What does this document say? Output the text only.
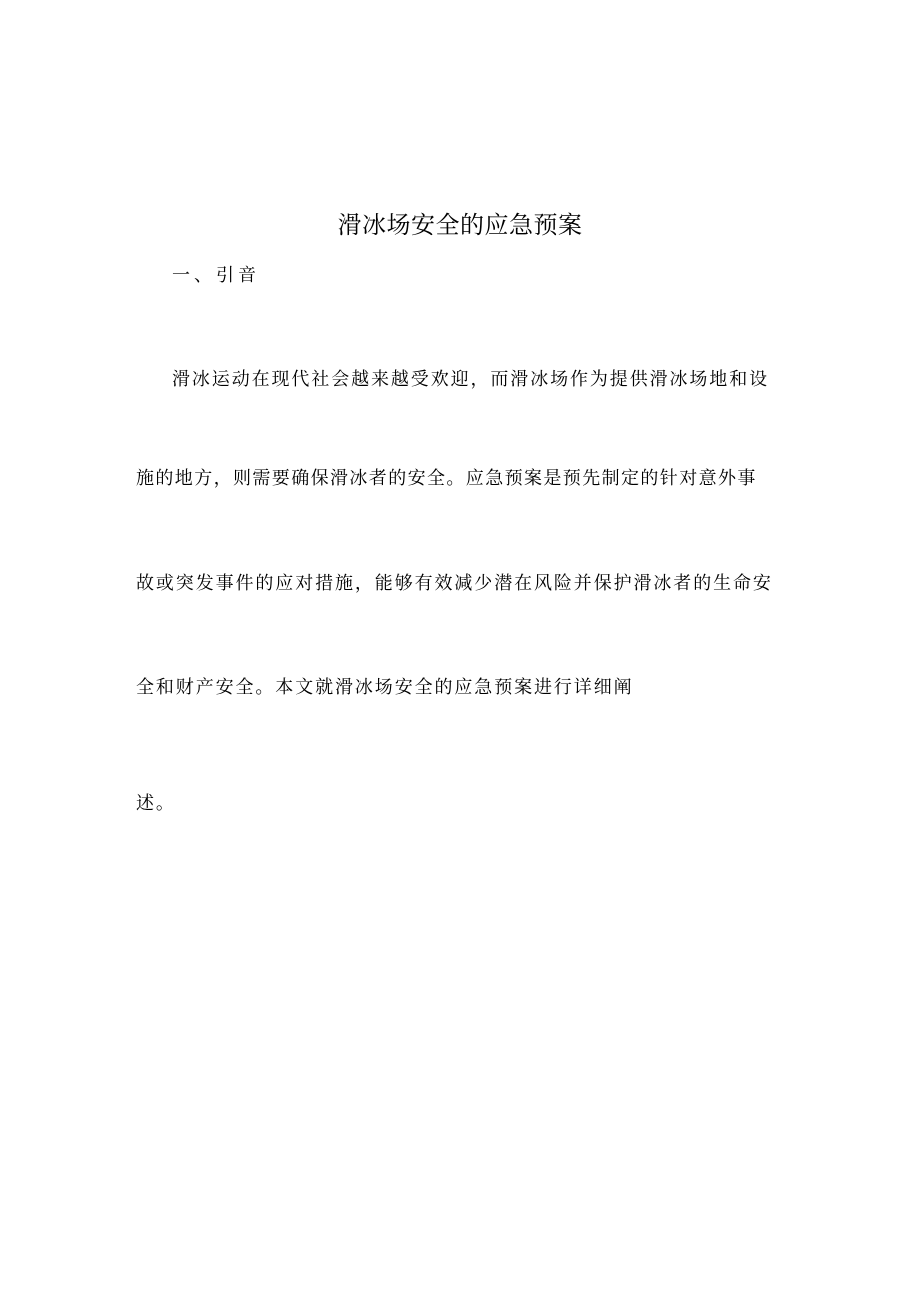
滑冰场安全的应急预案
一、引音
滑冰运动在现代社会越来越受欢迎，而滑冰场作为提供滑冰场地和设
施的地方，则需要确保滑冰者的安全。应急预案是预先制定的针对意外事
故或突发事件的应对措施，能够有效减少潜在风险并保护滑冰者的生命安
全和财产安全。本文就滑冰场安全的应急预案进行详细阐
述。
